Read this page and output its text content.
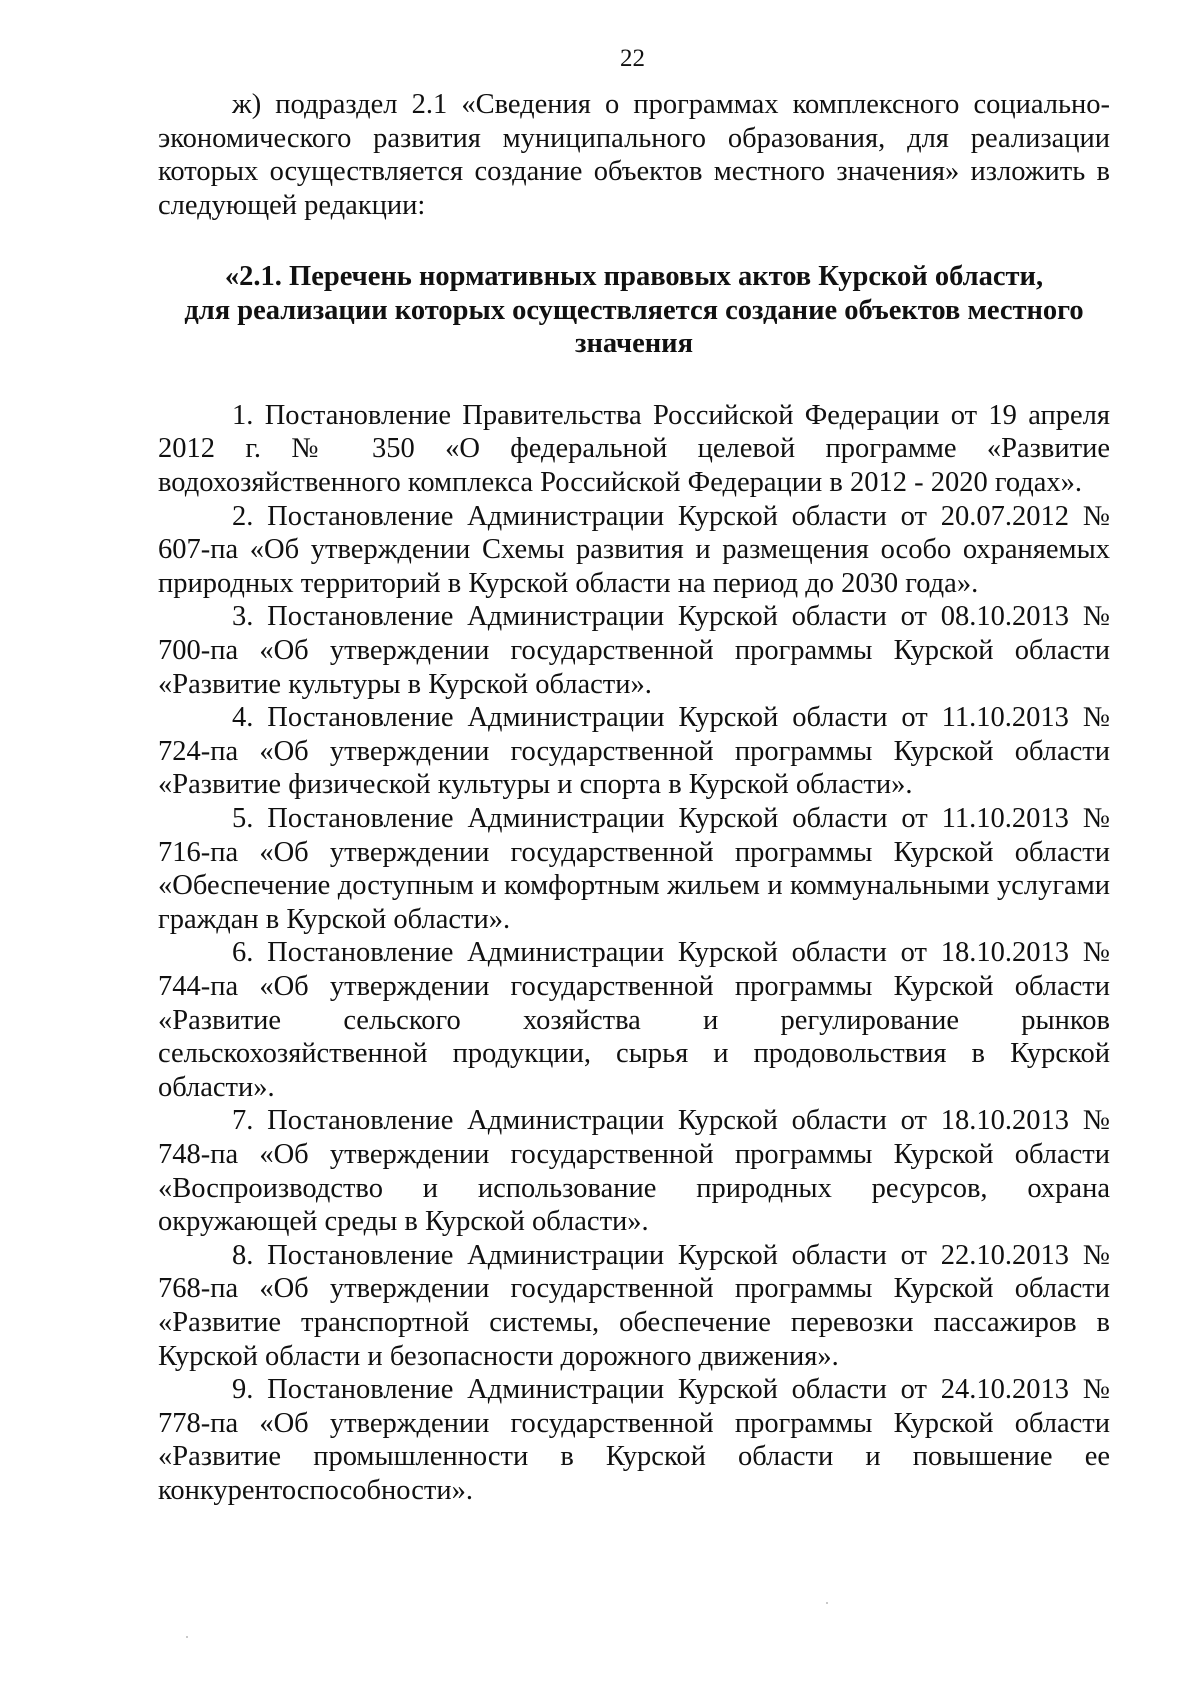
22

ж) подраздел 2.1 «Сведения о программах комплексного социально-экономического развития муниципального образования, для реализации которых осуществляется создание объектов местного значения» изложить в следующей редакции:

«2.1. Перечень нормативных правовых актов Курской области,
для реализации которых осуществляется создание объектов местного
значения

1. Постановление Правительства Российской Федерации от 19 апреля 2012 г. № 350 «О федеральной целевой программе «Развитие водохозяйственного комплекса Российской Федерации в 2012 - 2020 годах».

2. Постановление Администрации Курской области от 20.07.2012 № 607-па «Об утверждении Схемы развития и размещения особо охраняемых природных территорий в Курской области на период до 2030 года».

3. Постановление Администрации Курской области от 08.10.2013 № 700-па «Об утверждении государственной программы Курской области «Развитие культуры в Курской области».

4. Постановление Администрации Курской области от 11.10.2013 № 724-па «Об утверждении государственной программы Курской области «Развитие физической культуры и спорта в Курской области».

5. Постановление Администрации Курской области от 11.10.2013 № 716-па «Об утверждении государственной программы Курской области «Обеспечение доступным и комфортным жильем и коммунальными услугами граждан в Курской области».

6. Постановление Администрации Курской области от 18.10.2013 № 744-па «Об утверждении государственной программы Курской области «Развитие сельского хозяйства и регулирование рынков сельскохозяйственной продукции, сырья и продовольствия в Курской области».

7. Постановление Администрации Курской области от 18.10.2013 № 748-па «Об утверждении государственной программы Курской области «Воспроизводство и использование природных ресурсов, охрана окружающей среды в Курской области».

8. Постановление Администрации Курской области от 22.10.2013 № 768-па «Об утверждении государственной программы Курской области «Развитие транспортной системы, обеспечение перевозки пассажиров в Курской области и безопасности дорожного движения».

9. Постановление Администрации Курской области от 24.10.2013 № 778-па «Об утверждении государственной программы Курской области «Развитие промышленности в Курской области и повышение ее конкурентоспособности».
